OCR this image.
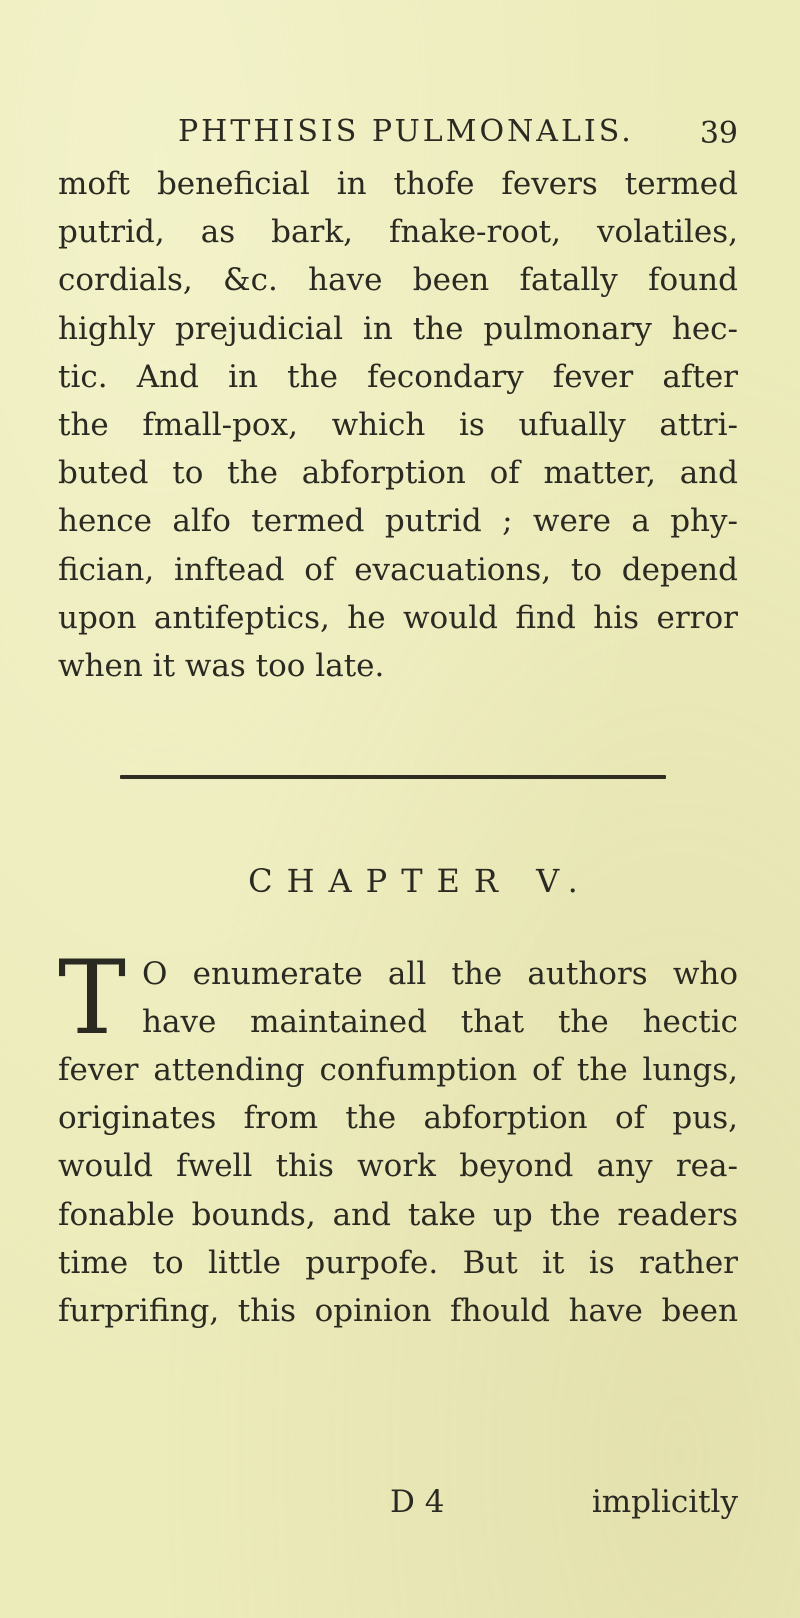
PHTHISIS PULMONALIS. 39
moft beneficial in thofe fevers termed
putrid, as bark, fnake-root, volatiles,
cordials, &c. have been fatally found
highly prejudicial in the pulmonary hec-
tic. And in the fecondary fever after
the fmall-pox, which is ufually attri-
buted to the abforption of matter, and
hence alfo termed putrid ; were a phy-
fician, inftead of evacuations, to depend
upon antifeptics, he would find his error
when it was too late.
CHAPTER V.
T O enumerate all the authors who
have maintained that the hectic
fever attending confumption of the lungs,
originates from the abforption of pus,
would fwell this work beyond any rea-
fonable bounds, and take up the readers
time to little purpofe. But it is rather
furprifing, this opinion fhould have been
D 4	implicitly
